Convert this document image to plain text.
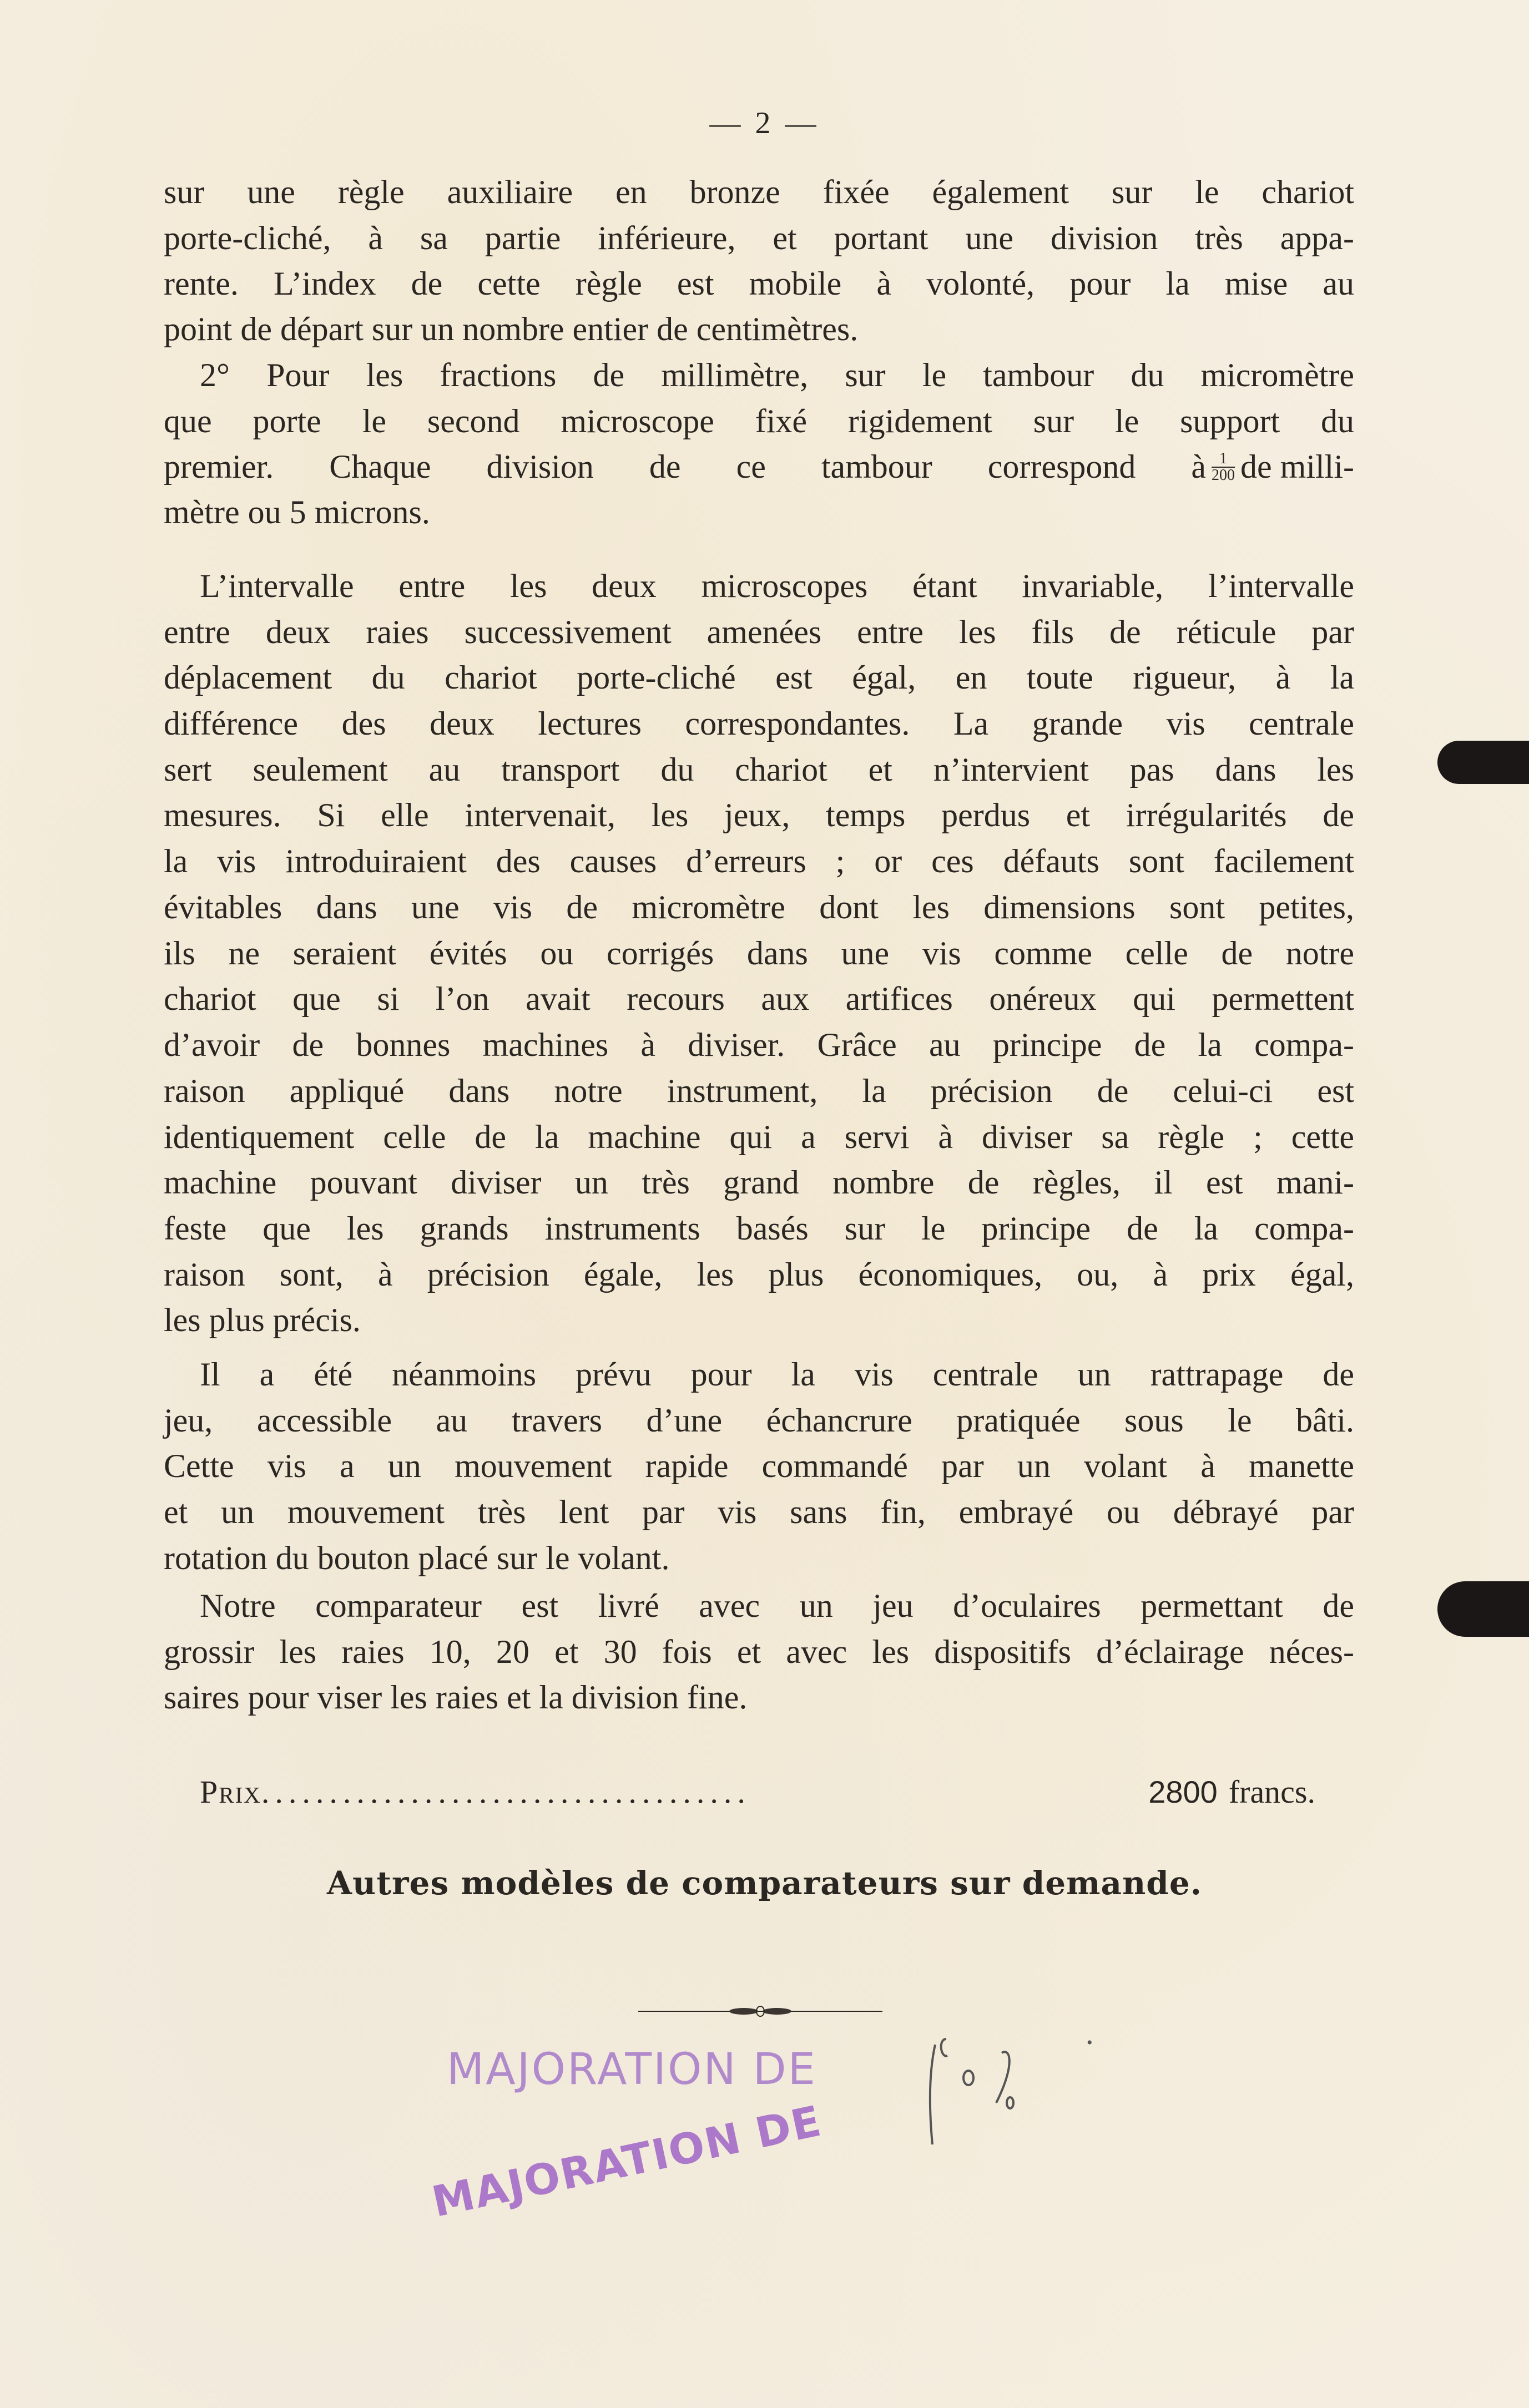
— 2 —
sur une règle auxiliaire en bronze fixée également sur le chariot
porte-cliché, à sa partie inférieure, et portant une division très appa-
rente. L’index de cette règle est mobile à volonté, pour la mise au
point de départ sur un nombre entier de centimètres.
2° Pour les fractions de millimètre, sur le tambour du micromètre
que porte le second microscope fixé rigidement sur le support du
premier. Chaque division de ce tambour correspond à $\frac{1}{200}$ de milli-
mètre ou 5 microns.
L’intervalle entre les deux microscopes étant invariable, l’intervalle
entre deux raies successivement amenées entre les fils de réticule par
déplacement du chariot porte-cliché est égal, en toute rigueur, à la
différence des deux lectures correspondantes. La grande vis centrale
sert seulement au transport du chariot et n’intervient pas dans les
mesures. Si elle intervenait, les jeux, temps perdus et irrégularités de
la vis introduiraient des causes d’erreurs ; or ces défauts sont facilement
évitables dans une vis de micromètre dont les dimensions sont petites,
ils ne seraient évités ou corrigés dans une vis comme celle de notre
chariot que si l’on avait recours aux artifices onéreux qui permettent
d’avoir de bonnes machines à diviser. Grâce au principe de la compa-
raison appliqué dans notre instrument, la précision de celui-ci est
identiquement celle de la machine qui a servi à diviser sa règle ; cette
machine pouvant diviser un très grand nombre de règles, il est mani-
feste que les grands instruments basés sur le principe de la compa-
raison sont, à précision égale, les plus économiques, ou, à prix égal,
les plus précis.
Il a été néanmoins prévu pour la vis centrale un rattrapage de
jeu, accessible au travers d’une échancrure pratiquée sous le bâti.
Cette vis a un mouvement rapide commandé par un volant à manette
et un mouvement très lent par vis sans fin, embrayé ou débrayé par
rotation du bouton placé sur le volant.
Notre comparateur est livré avec un jeu d’oculaires permettant de
grossir les raies 10, 20 et 30 fois et avec les dispositifs d’éclairage néces-
saires pour viser les raies et la division fine.
Prix ....................................	2800 francs.
Autres modèles de comparateurs sur demande.
MAJORATION DE
MAJORATION DE
•
